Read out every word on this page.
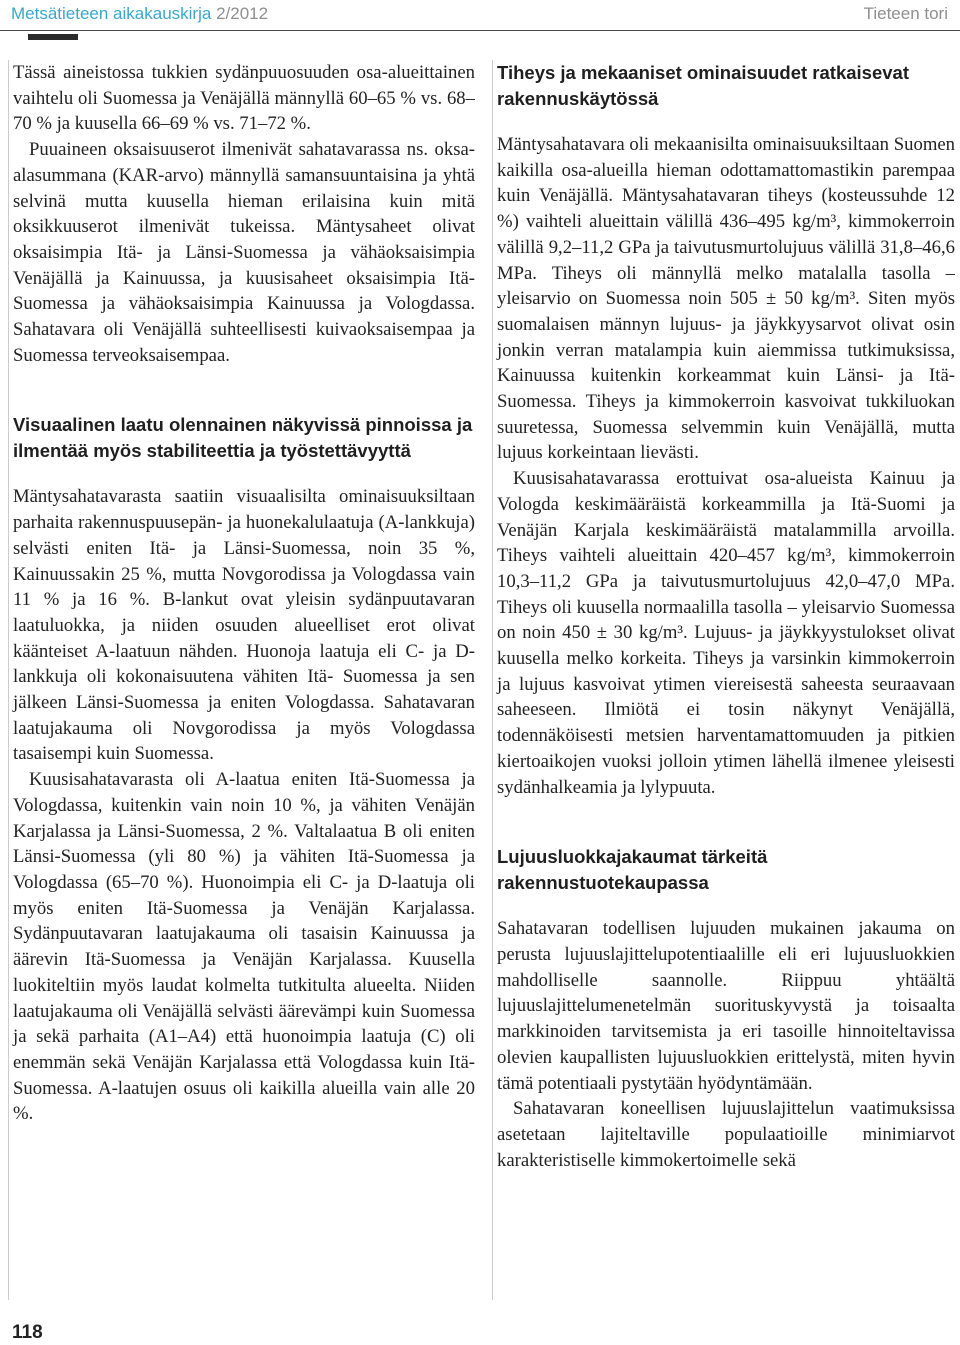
Metsätieteen aikakauskirja 2/2012	Tieteen tori

Tässä aineistossa tukkien sydänpuuosuuden osa-alueittainen vaihtelu oli Suomessa ja Venäjällä männyllä 60–65 % vs. 68–70 % ja kuusella 66–69 % vs. 71–72 %.

Puuaineen oksaisuuserot ilmenivät sahatavarassa ns. oksa-alasummana (KAR-arvo) männyllä samansuuntaisina ja yhtä selvinä mutta kuusella hieman erilaisina kuin mitä oksikkuuserot ilmenivät tukeissa. Mäntysaheet olivat oksaisimpia Itä- ja Länsi-Suomessa ja vähäoksaisimpia Venäjällä ja Kainuussa, ja kuusisaheet oksaisimpia Itä-Suomessa ja vähäoksaisimpia Kainuussa ja Vologdassa. Sahatavara oli Venäjällä suhteellisesti kuivaoksaisempaa ja Suomessa terveoksaisempaa.

Visuaalinen laatu olennainen näkyvissä pinnoissa ja ilmentää myös stabiliteettia ja työstettävyyttä

Mäntysahatavarasta saatiin visuaalisilta ominaisuuksiltaan parhaita rakennuspuusepän- ja huonekalulaatuja (A-lankkuja) selvästi eniten Itä- ja Länsi-Suomessa, noin 35 %, Kainuussakin 25 %, mutta Novgorodissa ja Vologdassa vain 11 % ja 16 %. B-lankut ovat yleisin sydänpuutavaran laatuluokka, ja niiden osuuden alueelliset erot olivat käänteiset A-laatuun nähden. Huonoja laatuja eli C- ja D-lankkuja oli kokonaisuutena vähiten Itä- Suomessa ja sen jälkeen Länsi-Suomessa ja eniten Vologdassa. Sahatavaran laatujakauma oli Novgorodissa ja myös Vologdassa tasaisempi kuin Suomessa.

Kuusisahatavarasta oli A-laatua eniten Itä-Suomessa ja Vologdassa, kuitenkin vain noin 10 %, ja vähiten Venäjän Karjalassa ja Länsi-Suomessa, 2 %. Valtalaatua B oli eniten Länsi-Suomessa (yli 80 %) ja vähiten Itä-Suomessa ja Vologdassa (65–70 %). Huonoimpia eli C- ja D-laatuja oli myös eniten Itä-Suomessa ja Venäjän Karjalassa. Sydänpuutavaran laatujakauma oli tasaisin Kainuussa ja äärevin Itä-Suomessa ja Venäjän Karjalassa. Kuusella luokiteltiin myös laudat kolmelta tutkitulta alueelta. Niiden laatujakauma oli Venäjällä selvästi äärevämpi kuin Suomessa ja sekä parhaita (A1–A4) että huonoimpia laatuja (C) oli enemmän sekä Venäjän Karjalassa että Vologdassa kuin Itä-Suomessa. A-laatujen osuus oli kaikilla alueilla vain alle 20 %.

Tiheys ja mekaaniset ominaisuudet ratkaisevat rakennuskäytössä

Mäntysahatavara oli mekaanisilta ominaisuuksiltaan Suomen kaikilla osa-alueilla hieman odottamattomastikin parempaa kuin Venäjällä. Mäntysahatavaran tiheys (kosteussuhde 12 %) vaihteli alueittain välillä 436–495 kg/m³, kimmokerroin välillä 9,2–11,2 GPa ja taivutusmurtolujuus välillä 31,8–46,6 MPa. Tiheys oli männyllä melko matalalla tasolla – yleisarvio on Suomessa noin 505 ± 50 kg/m³. Siten myös suomalaisen männyn lujuus- ja jäykkyysarvot olivat osin jonkin verran matalampia kuin aiemmissa tutkimuksissa, Kainuussa kuitenkin korkeammat kuin Länsi- ja Itä-Suomessa. Tiheys ja kimmokerroin kasvoivat tukkiluokan suuretessa, Suomessa selvemmin kuin Venäjällä, mutta lujuus korkeintaan lievästi.

Kuusisahatavarassa erottuivat osa-alueista Kainuu ja Vologda keskimääräistä korkeammilla ja Itä-Suomi ja Venäjän Karjala keskimääräistä matalammilla arvoilla. Tiheys vaihteli alueittain 420–457 kg/m³, kimmokerroin 10,3–11,2 GPa ja taivutusmurtolujuus 42,0–47,0 MPa. Tiheys oli kuusella normaalilla tasolla – yleisarvio Suomessa on noin 450 ± 30 kg/m³. Lujuus- ja jäykkyystulokset olivat kuusella melko korkeita. Tiheys ja varsinkin kimmokerroin ja lujuus kasvoivat ytimen viereisestä saheesta seuraavaan saheeseen. Ilmiötä ei tosin näkynyt Venäjällä, todennäköisesti metsien harventamattomuuden ja pitkien kiertoaikojen vuoksi jolloin ytimen lähellä ilmenee yleisesti sydänhalkeamia ja lylypuuta.

Lujuusluokkajakaumat tärkeitä rakennustuotekaupassa

Sahatavaran todellisen lujuuden mukainen jakauma on perusta lujuuslajittelupotentiaalille eli eri lujuusluokkien mahdolliselle saannolle. Riippuu yhtäältä lujuuslajittelumenetelmän suorituskyvystä ja toisaalta markkinoiden tarvitsemista ja eri tasoille hinnoiteltavissa olevien kaupallisten lujuusluokkien erittelystä, miten hyvin tämä potentiaali pystytään hyödyntämään.

Sahatavaran koneellisen lujuuslajittelun vaatimuksissa asetetaan lajiteltaville populaatioille minimiarvot karakteristiselle kimmokertoimelle sekä

118
